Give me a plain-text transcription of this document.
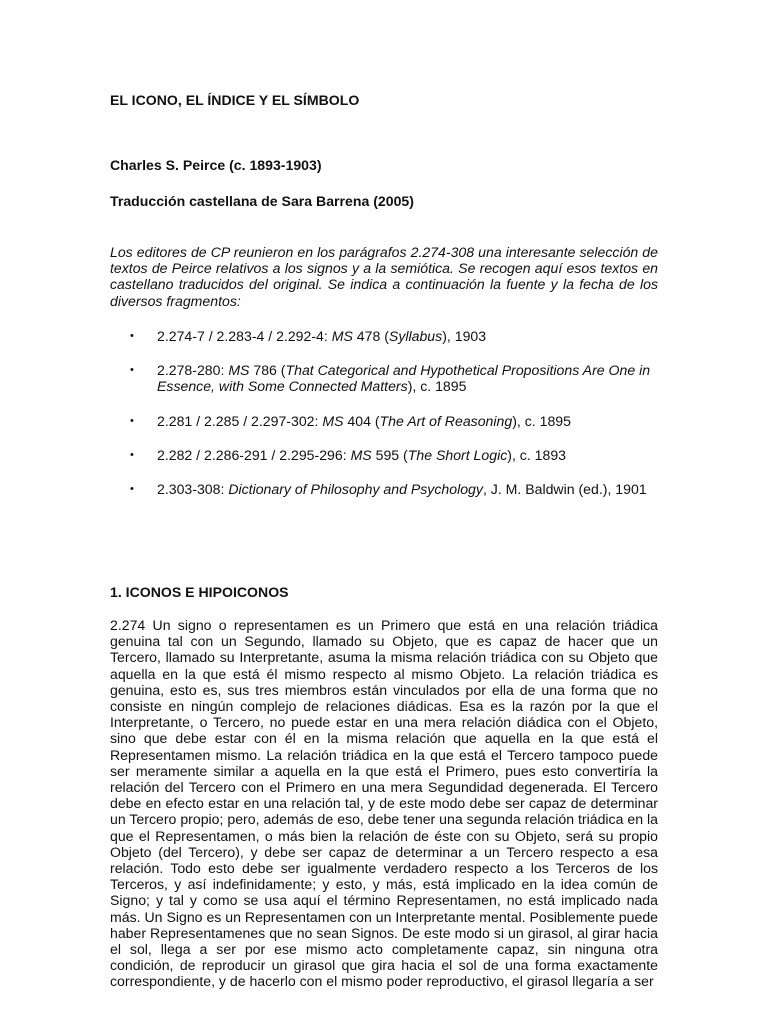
EL ICONO, EL ÍNDICE Y EL SÍMBOLO
Charles S. Peirce (c. 1893-1903)
Traducción castellana de Sara Barrena (2005)

Los editores de CP reunieron en los parágrafos 2.274-308 una interesante selección de textos de Peirce relativos a los signos y a la semiótica. Se recogen aquí esos textos en castellano traducidos del original. Se indica a continuación la fuente y la fecha de los diversos fragmentos:

• 2.274-7 / 2.283-4 / 2.292-4: MS 478 (Syllabus), 1903
• 2.278-280: MS 786 (That Categorical and Hypothetical Propositions Are One in Essence, with Some Connected Matters), c. 1895
• 2.281 / 2.285 / 2.297-302: MS 404 (The Art of Reasoning), c. 1895
• 2.282 / 2.286-291 / 2.295-296: MS 595 (The Short Logic), c. 1893
• 2.303-308: Dictionary of Philosophy and Psychology, J. M. Baldwin (ed.), 1901
1. ICONOS E HIPOICONOS

2.274 Un signo o representamen es un Primero que está en una relación triádica genuina tal con un Segundo, llamado su Objeto, que es capaz de hacer que un Tercero, llamado su Interpretante, asuma la misma relación triádica con su Objeto que aquella en la que está él mismo respecto al mismo Objeto. La relación triádica es genuina, esto es, sus tres miembros están vinculados por ella de una forma que no consiste en ningún complejo de relaciones diádicas. Esa es la razón por la que el Interpretante, o Tercero, no puede estar en una mera relación diádica con el Objeto, sino que debe estar con él en la misma relación que aquella en la que está el Representamen mismo. La relación triádica en la que está el Tercero tampoco puede ser meramente similar a aquella en la que está el Primero, pues esto convertiría la relación del Tercero con el Primero en una mera Segundidad degenerada. El Tercero debe en efecto estar en una relación tal, y de este modo debe ser capaz de determinar un Tercero propio; pero, además de eso, debe tener una segunda relación triádica en la que el Representamen, o más bien la relación de éste con su Objeto, será su propio Objeto (del Tercero), y debe ser capaz de determinar a un Tercero respecto a esa relación. Todo esto debe ser igualmente verdadero respecto a los Terceros de los Terceros, y así indefinidamente; y esto, y más, está implicado en la idea común de Signo; y tal y como se usa aquí el término Representamen, no está implicado nada más. Un Signo es un Representamen con un Interpretante mental. Posiblemente puede haber Representamenes que no sean Signos. De este modo si un girasol, al girar hacia el sol, llega a ser por ese mismo acto completamente capaz, sin ninguna otra condición, de reproducir un girasol que gira hacia el sol de una forma exactamente correspondiente, y de hacerlo con el mismo poder reproductivo, el girasol llegaría a ser
